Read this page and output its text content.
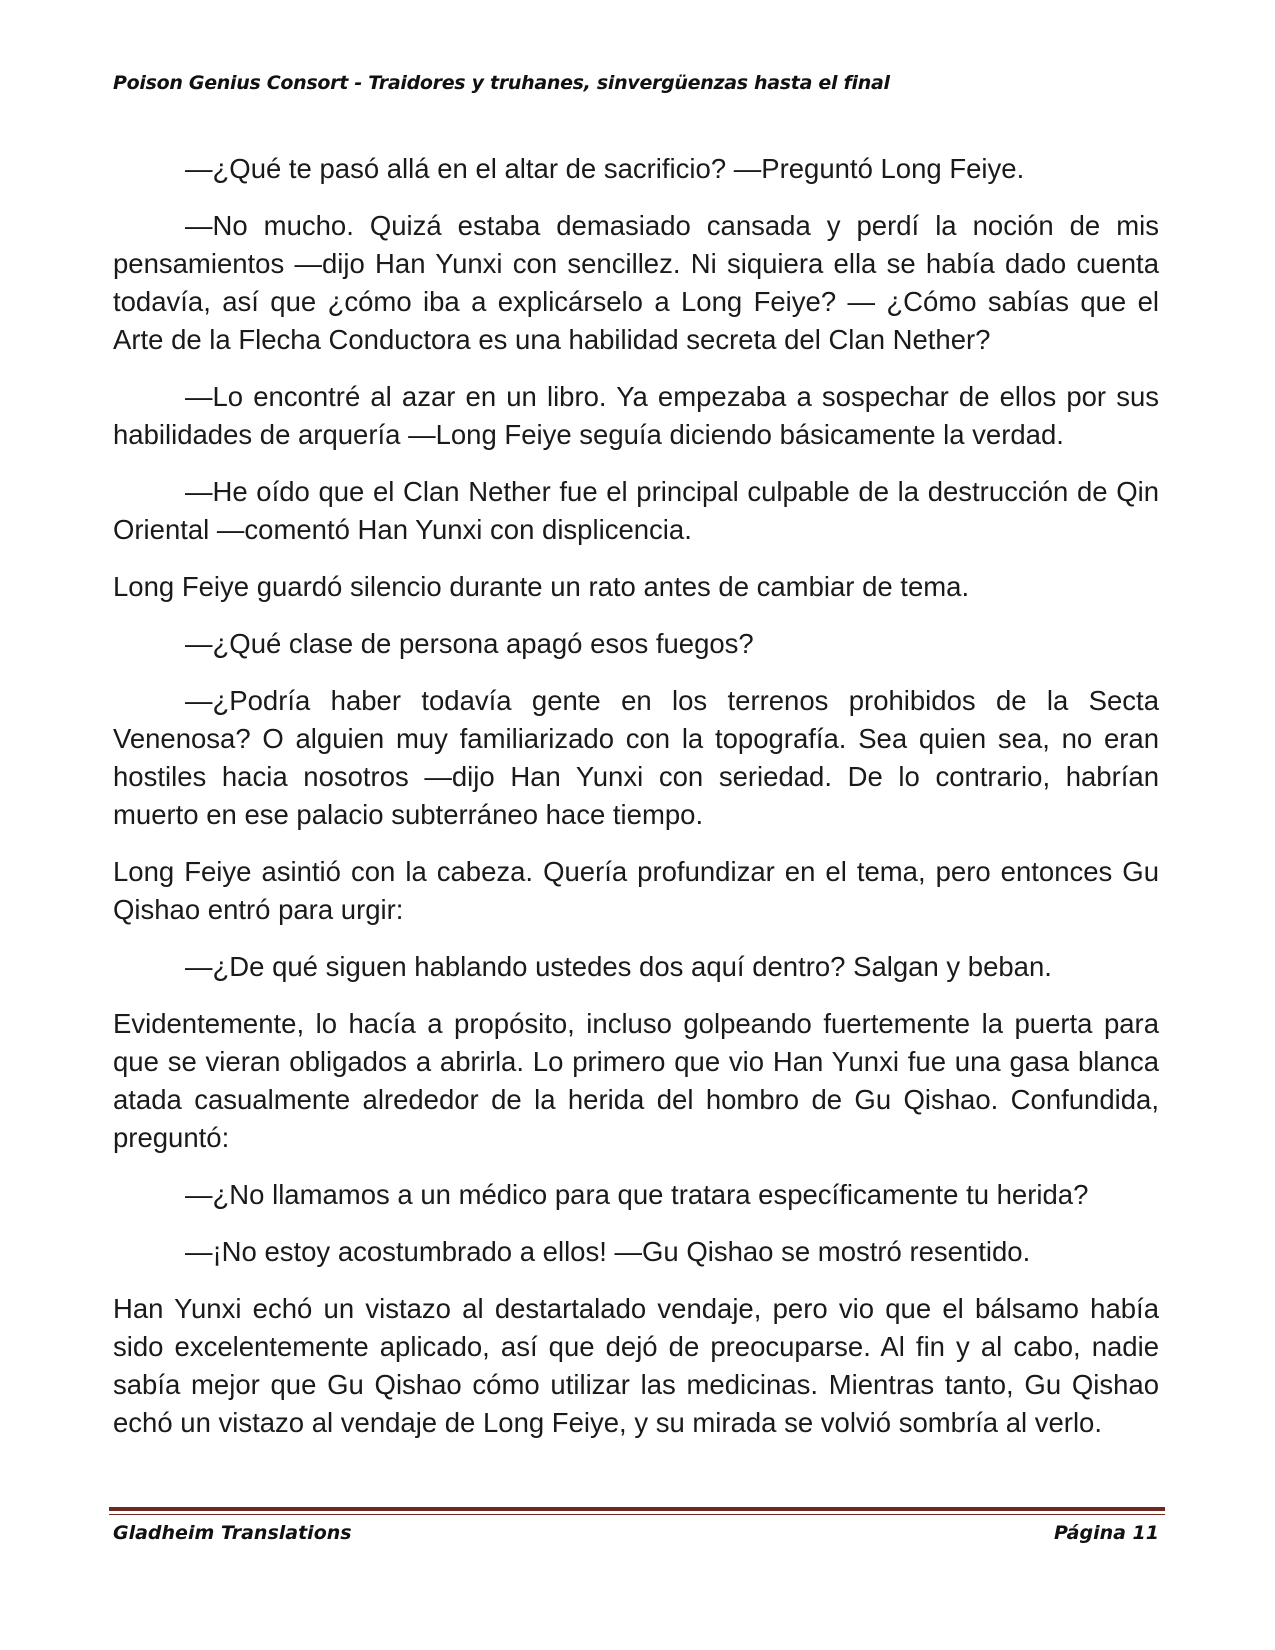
Poison Genius Consort - Traidores y truhanes, sinvergüenzas hasta el final

—¿Qué te pasó allá en el altar de sacrificio? —Preguntó Long Feiye.

—No mucho. Quizá estaba demasiado cansada y perdí la noción de mis pensamientos —dijo Han Yunxi con sencillez. Ni siquiera ella se había dado cuenta todavía, así que ¿cómo iba a explicárselo a Long Feiye? — ¿Cómo sabías que el Arte de la Flecha Conductora es una habilidad secreta del Clan Nether?

—Lo encontré al azar en un libro. Ya empezaba a sospechar de ellos por sus habilidades de arquería —Long Feiye seguía diciendo básicamente la verdad.

—He oído que el Clan Nether fue el principal culpable de la destrucción de Qin Oriental —comentó Han Yunxi con displicencia.

Long Feiye guardó silencio durante un rato antes de cambiar de tema.

—¿Qué clase de persona apagó esos fuegos?

—¿Podría haber todavía gente en los terrenos prohibidos de la Secta Venenosa? O alguien muy familiarizado con la topografía. Sea quien sea, no eran hostiles hacia nosotros —dijo Han Yunxi con seriedad. De lo contrario, habrían muerto en ese palacio subterráneo hace tiempo.

Long Feiye asintió con la cabeza. Quería profundizar en el tema, pero entonces Gu Qishao entró para urgir:

—¿De qué siguen hablando ustedes dos aquí dentro? Salgan y beban.

Evidentemente, lo hacía a propósito, incluso golpeando fuertemente la puerta para que se vieran obligados a abrirla. Lo primero que vio Han Yunxi fue una gasa blanca atada casualmente alrededor de la herida del hombro de Gu Qishao. Confundida, preguntó:

—¿No llamamos a un médico para que tratara específicamente tu herida?

—¡No estoy acostumbrado a ellos! —Gu Qishao se mostró resentido.

Han Yunxi echó un vistazo al destartalado vendaje, pero vio que el bálsamo había sido excelentemente aplicado, así que dejó de preocuparse. Al fin y al cabo, nadie sabía mejor que Gu Qishao cómo utilizar las medicinas. Mientras tanto, Gu Qishao echó un vistazo al vendaje de Long Feiye, y su mirada se volvió sombría al verlo.

Gladheim Translations	Página 11
